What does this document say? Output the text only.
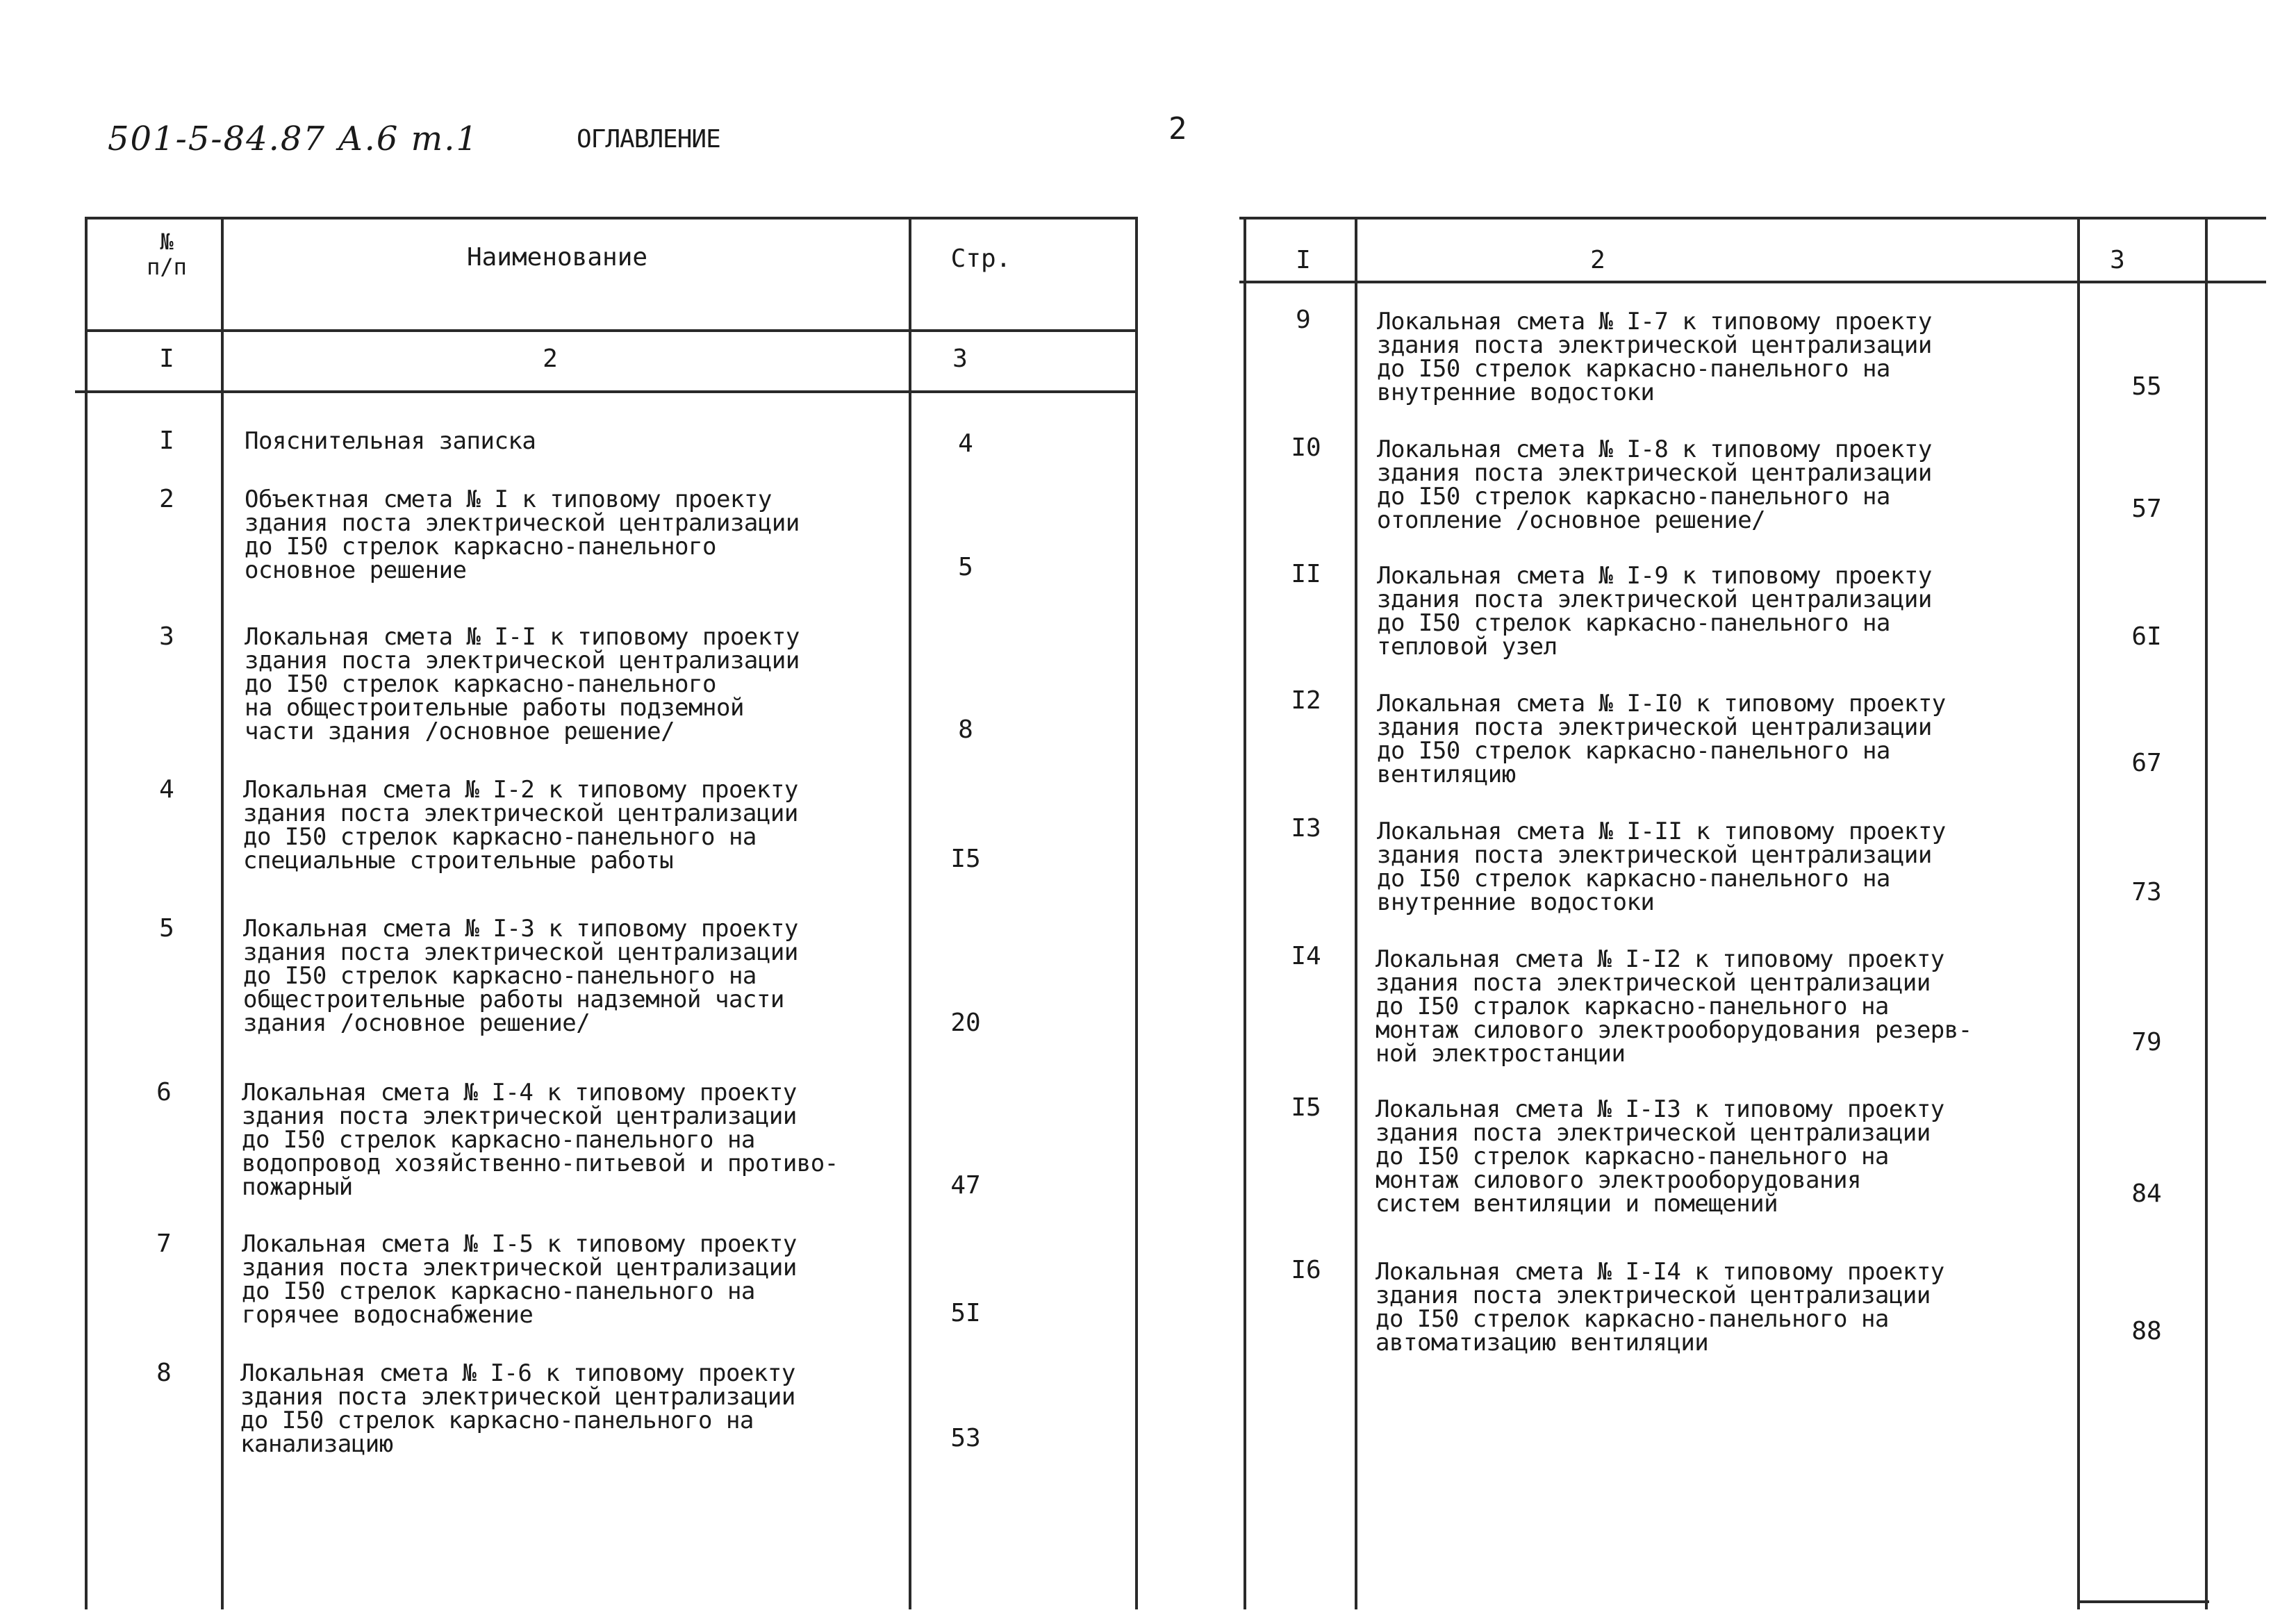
501-5-84.87 А.6 т.1	ОГЛАВЛЕНИЕ	2
№
п/п	Наименование	Стр.
I	2	3
I	Пояснительная записка	4
2	Объектная смета № I к типовому проекту
здания поста электрической централизации
до I50 стрелок каркасно-панельного
основное решение	5
3	Локальная смета № I-I к типовому проекту
здания поста электрической централизации
до I50 стрелок каркасно-панельного
на общестроительные работы подземной
части здания /основное решение/	8
4	Локальная смета № I-2 к типовому проекту
здания поста электрической централизации
до I50 стрелок каркасно-панельного на
специальные строительные работы	I5
5	Локальная смета № I-3 к типовому проекту
здания поста электрической централизации
до I50 стрелок каркасно-панельного на
общестроительные работы надземной части
здания /основное решение/	20
6	Локальная смета № I-4 к типовому проекту
здания поста электрической централизации
до I50 стрелок каркасно-панельного на
водопровод хозяйственно-питьевой и противо-
пожарный	47
7	Локальная смета № I-5 к типовому проекту
здания поста электрической централизации
до I50 стрелок каркасно-панельного на
горячее водоснабжение	5I
8	Локальная смета № I-6 к типовому проекту
здания поста электрической централизации
до I50 стрелок каркасно-панельного на
канализацию	53
I	2	3
9	Локальная смета № I-7 к типовому проекту
здания поста электрической централизации
до I50 стрелок каркасно-панельного на
внутренние водостоки	55
I0	Локальная смета № I-8 к типовому проекту
здания поста электрической централизации
до I50 стрелок каркасно-панельного на
отопление /основное решение/	57
II	Локальная смета № I-9 к типовому проекту
здания поста электрической централизации
до I50 стрелок каркасно-панельного на
тепловой узел	6I
I2	Локальная смета № I-I0 к типовому проекту
здания поста электрической централизации
до I50 стрелок каркасно-панельного на
вентиляцию	67
I3	Локальная смета № I-II к типовому проекту
здания поста электрической централизации
до I50 стрелок каркасно-панельного на
внутренние водостоки	73
I4	Локальная смета № I-I2 к типовому проекту
здания поста электрической централизации
до I50 стралок каркасно-панельного на
монтаж силового электрооборудования резерв-
ной электростанции	79
I5	Локальная смета № I-I3 к типовому проекту
здания поста электрической централизации
до I50 стрелок каркасно-панельного на
монтаж силового электрооборудования
систем вентиляции и помещений	84
I6	Локальная смета № I-I4 к типовому проекту
здания поста электрической централизации
до I50 стрелок каркасно-панельного на
автоматизацию вентиляции	88
